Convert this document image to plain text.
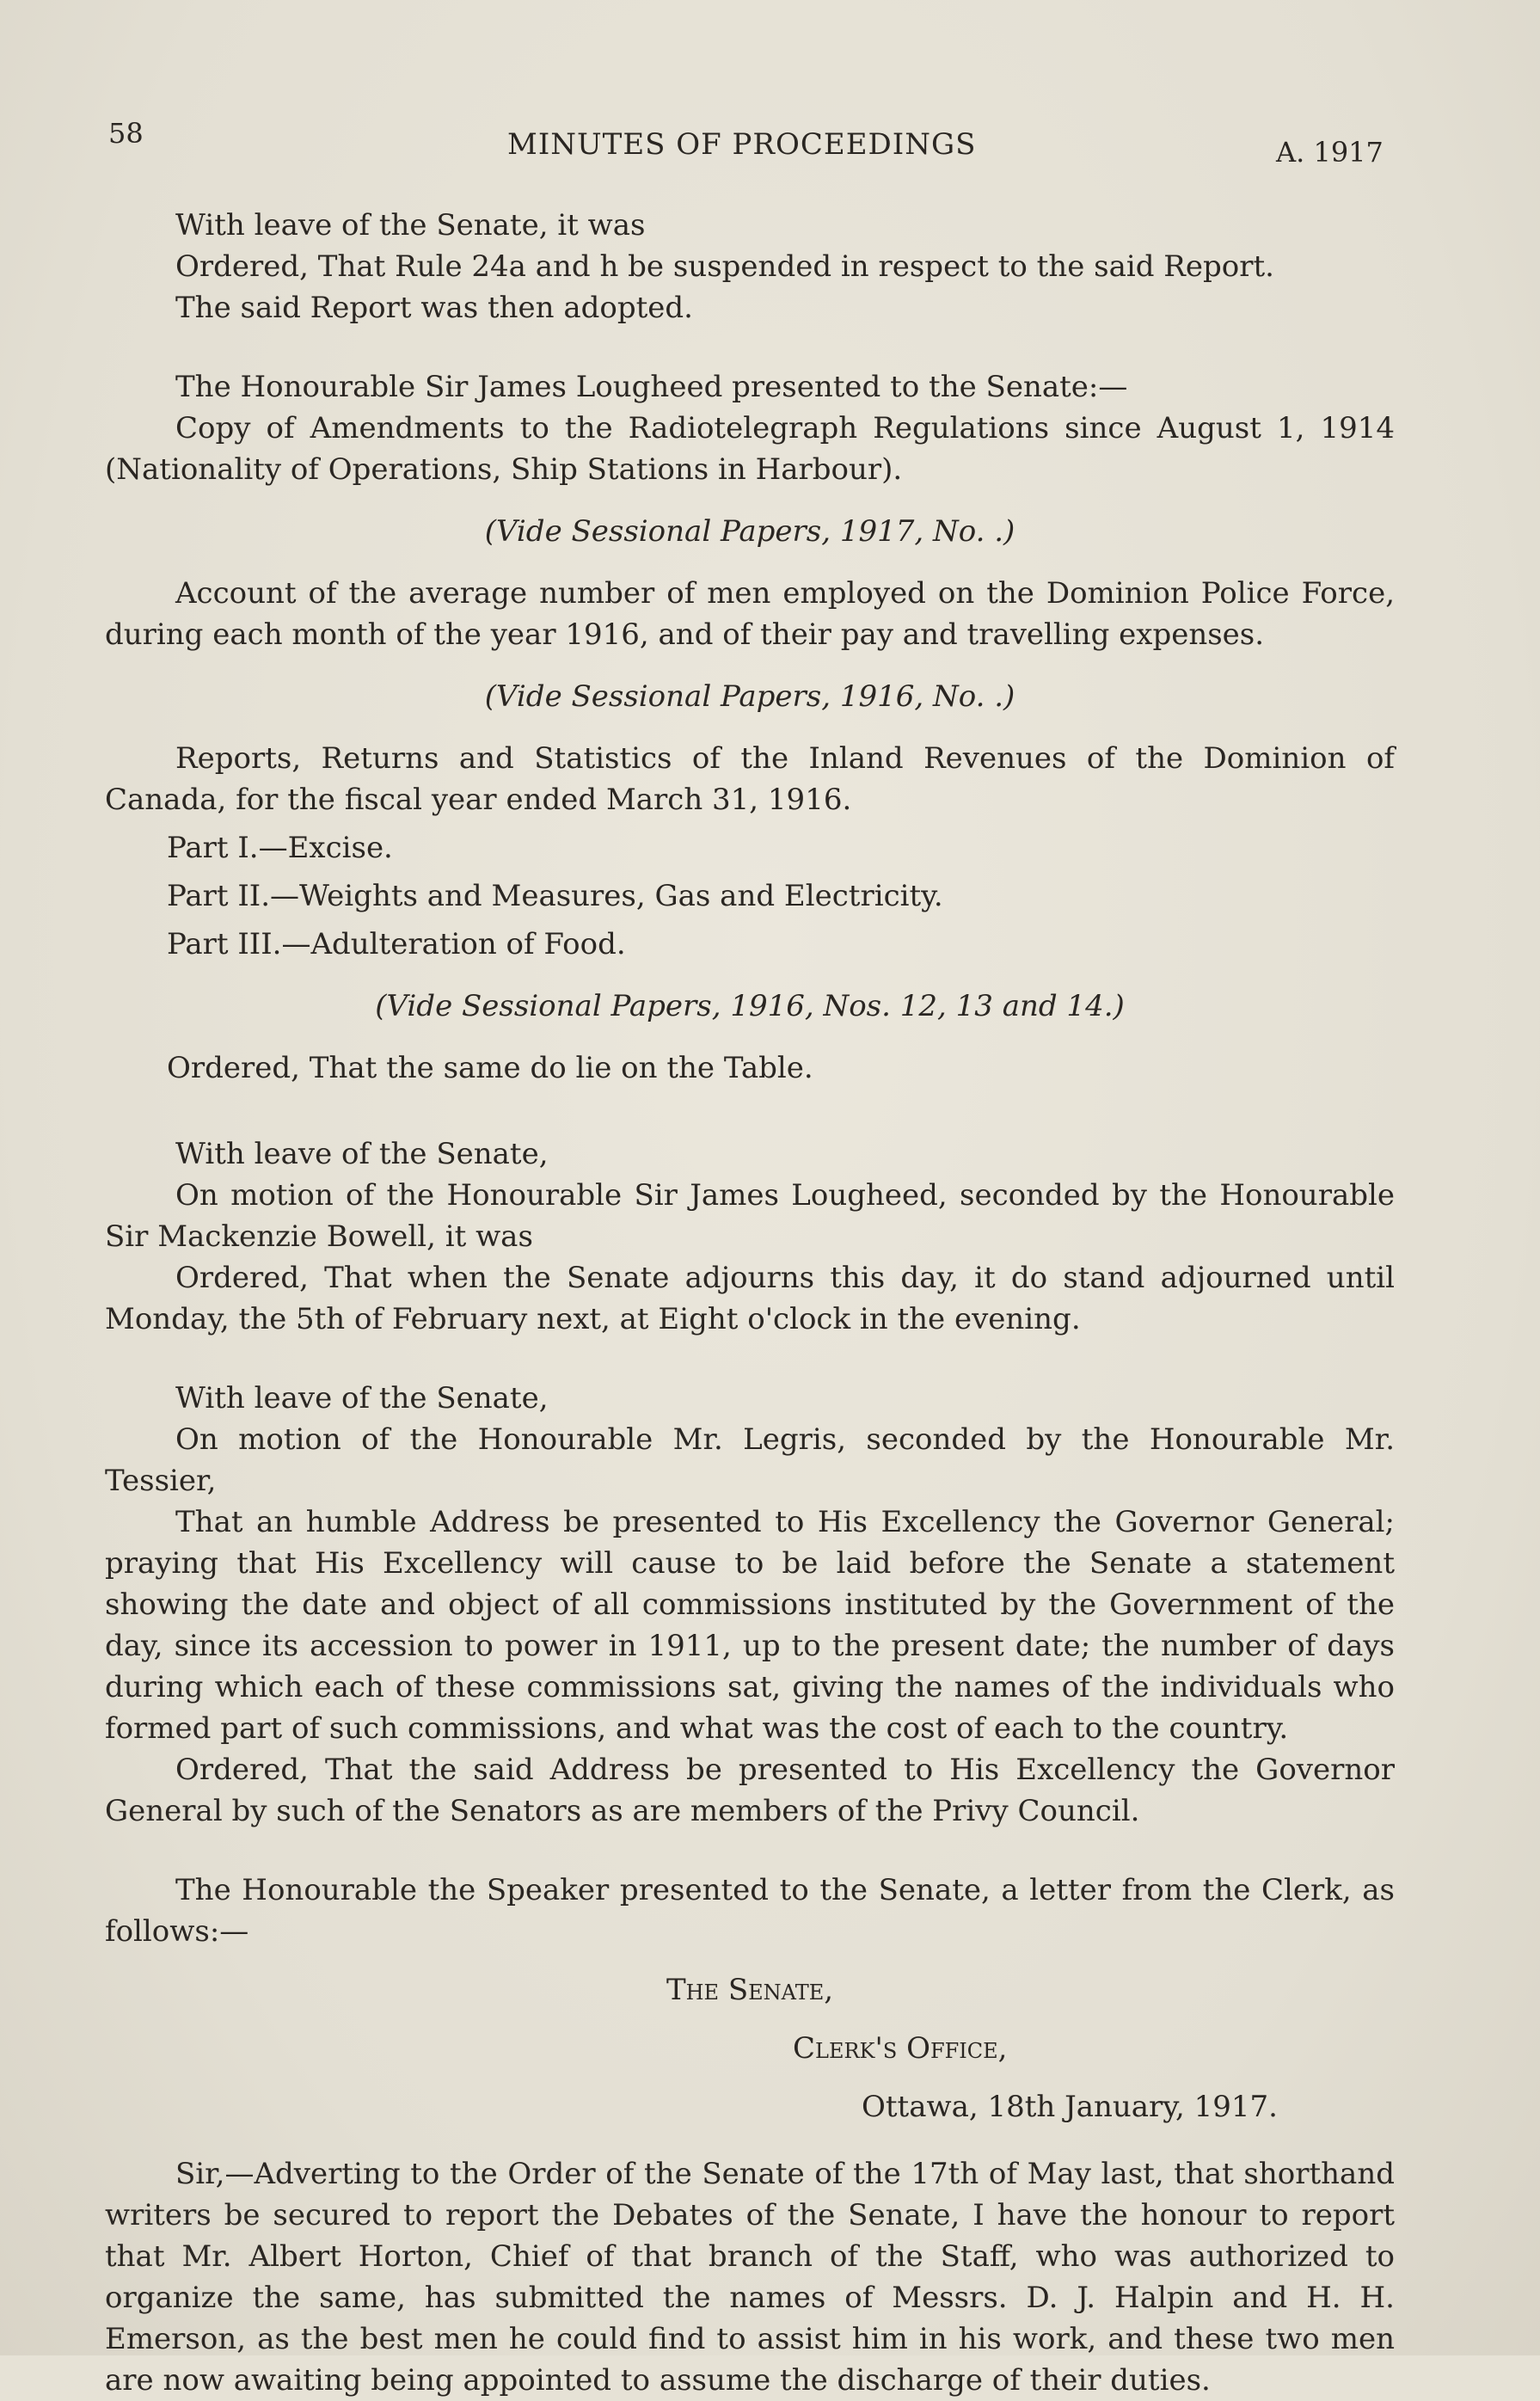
58	MINUTES OF PROCEEDINGS	A. 1917

With leave of the Senate, it was

Ordered, That Rule 24a and h be suspended in respect to the said Report.

The said Report was then adopted.

The Honourable Sir James Lougheed presented to the Senate:—

Copy of Amendments to the Radiotelegraph Regulations since August 1, 1914 (Nationality of Operations, Ship Stations in Harbour).

(Vide Sessional Papers, 1917, No. .)

Account of the average number of men employed on the Dominion Police Force, during each month of the year 1916, and of their pay and travelling expenses.

(Vide Sessional Papers, 1916, No. .)

Reports, Returns and Statistics of the Inland Revenues of the Dominion of Canada, for the fiscal year ended March 31, 1916.

Part I.—Excise.

Part II.—Weights and Measures, Gas and Electricity.

Part III.—Adulteration of Food.

(Vide Sessional Papers, 1916, Nos. 12, 13 and 14.)

Ordered, That the same do lie on the Table.

With leave of the Senate,

On motion of the Honourable Sir James Lougheed, seconded by the Honourable Sir Mackenzie Bowell, it was

Ordered, That when the Senate adjourns this day, it do stand adjourned until Monday, the 5th of February next, at Eight o'clock in the evening.

With leave of the Senate,

On motion of the Honourable Mr. Legris, seconded by the Honourable Mr. Tessier,

That an humble Address be presented to His Excellency the Governor General; praying that His Excellency will cause to be laid before the Senate a statement showing the date and object of all commissions instituted by the Government of the day, since its accession to power in 1911, up to the present date; the number of days during which each of these commissions sat, giving the names of the individuals who formed part of such commissions, and what was the cost of each to the country.

Ordered, That the said Address be presented to His Excellency the Governor General by such of the Senators as are members of the Privy Council.

The Honourable the Speaker presented to the Senate, a letter from the Clerk, as follows:—

The Senate,

Clerk's Office,

Ottawa, 18th January, 1917.

Sir,—Adverting to the Order of the Senate of the 17th of May last, that shorthand writers be secured to report the Debates of the Senate, I have the honour to report that Mr. Albert Horton, Chief of that branch of the Staff, who was authorized to organize the same, has submitted the names of Messrs. D. J. Halpin and H. H. Emerson, as the best men he could find to assist him in his work, and these two men are now awaiting being appointed to assume the discharge of their duties.
